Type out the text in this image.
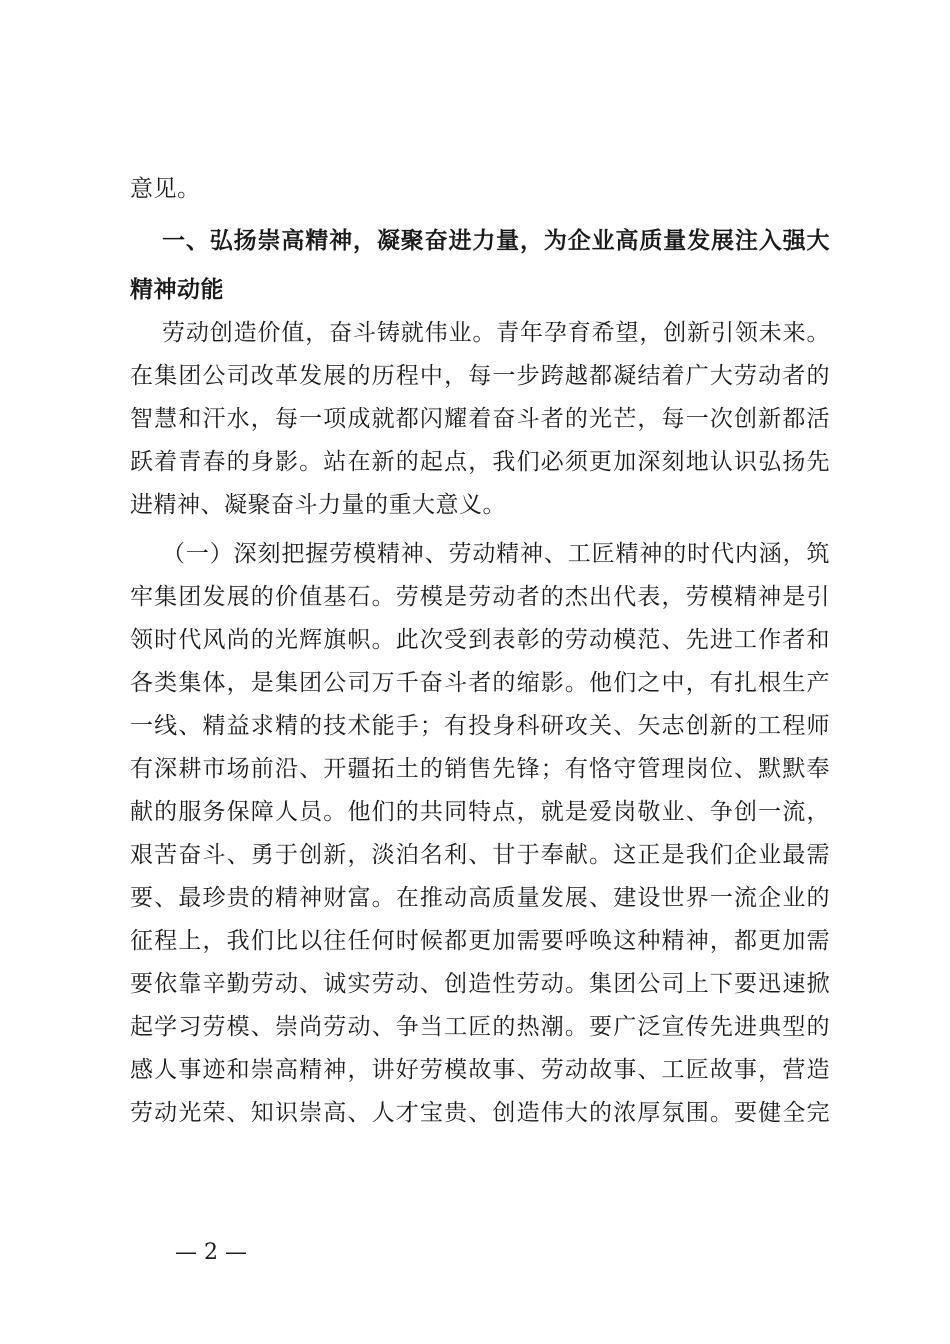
意见。
一、弘扬崇高精神，凝聚奋进力量，为企业高质量发展注入强大
精神动能
劳动创造价值，奋斗铸就伟业。青年孕育希望，创新引领未来。
在集团公司改革发展的历程中，每一步跨越都凝结着广大劳动者的
智慧和汗水，每一项成就都闪耀着奋斗者的光芒，每一次创新都活
跃着青春的身影。站在新的起点，我们必须更加深刻地认识弘扬先
进精神、凝聚奋斗力量的重大意义。
（一）深刻把握劳模精神、劳动精神、工匠精神的时代内涵，筑
牢集团发展的价值基石。劳模是劳动者的杰出代表，劳模精神是引
领时代风尚的光辉旗帜。此次受到表彰的劳动模范、先进工作者和
各类集体，是集团公司万千奋斗者的缩影。他们之中，有扎根生产
一线、精益求精的技术能手；有投身科研攻关、矢志创新的工程师
有深耕市场前沿、开疆拓土的销售先锋；有恪守管理岗位、默默奉
献的服务保障人员。他们的共同特点，就是爱岗敬业、争创一流，
艰苦奋斗、勇于创新，淡泊名利、甘于奉献。这正是我们企业最需
要、最珍贵的精神财富。在推动高质量发展、建设世界一流企业的
征程上，我们比以往任何时候都更加需要呼唤这种精神，都更加需
要依靠辛勤劳动、诚实劳动、创造性劳动。集团公司上下要迅速掀
起学习劳模、崇尚劳动、争当工匠的热潮。要广泛宣传先进典型的
感人事迹和崇高精神，讲好劳模故事、劳动故事、工匠故事，营造
劳动光荣、知识崇高、人才宝贵、创造伟大的浓厚氛围。要健全完
— 2 —
